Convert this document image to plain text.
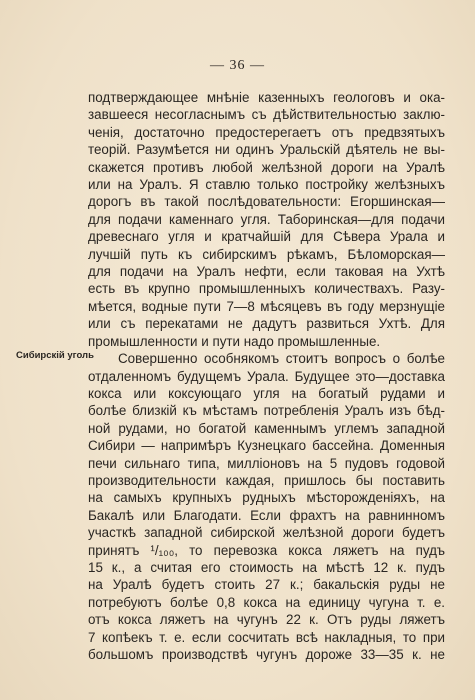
— 36 —
Сибирскій уголь
подтверждающее мнѣніе казенныхъ геологовъ и ока-
завшееся несогласнымъ съ дѣйствительностью заклю-
ченія, достаточно предостерегаетъ отъ предвзятыхъ
теорій. Разумѣется ни одинъ Уральскій дѣятель не вы-
скажется противъ любой желѣзной дороги на Уралѣ
или на Уралъ. Я ставлю только постройку желѣзныхъ
дорогъ въ такой послѣдовательности: Егоршинская—
для подачи каменнаго угля. Таборинская—для подачи
древеснаго угля и кратчайшій для Сѣвера Урала и
лучшій путь къ сибирскимъ рѣкамъ, Бѣломорская—
для подачи на Уралъ нефти, если таковая на Ухтѣ
есть въ крупно промышленныхъ количествахъ. Разу-
мѣется, водные пути 7—8 мѣсяцевъ въ году мерзнущіе
или съ перекатами не дадутъ развиться Ухтѣ. Для
промышленности и пути надо промышленные.
Совершенно особнякомъ стоитъ вопросъ о болѣе
отдаленномъ будущемъ Урала. Будущее это—доставка
кокса или коксующаго угля на богатый рудами и
болѣе близкій къ мѣстамъ потребленія Уралъ изъ бѣд-
ной рудами, но богатой каменнымъ углемъ западной
Сибири — напримѣръ Кузнецкаго бассейна. Доменныя
печи сильнаго типа, милліоновъ на 5 пудовъ годовой
производительности каждая, пришлось бы поставить
на самыхъ крупныхъ рудныхъ мѣсторожденіяхъ, на
Бакалѣ или Благодати. Если фрахтъ на равнинномъ
участкѣ западной сибирской желѣзной дороги будетъ
принятъ ¹/₁₀₀, то перевозка кокса ляжетъ на пудъ
15 к., а считая его стоимость на мѣстѣ 12 к. пудъ
на Уралѣ будетъ стоить 27 к.; бакальскія руды не
потребуютъ болѣе 0,8 кокса на единицу чугуна т. е.
отъ кокса ляжетъ на чугунъ 22 к. Отъ руды ляжетъ
7 копѣекъ т. е. если сосчитать всѣ накладныя, то при
большомъ производствѣ чугунъ дороже 33—35 к. не
